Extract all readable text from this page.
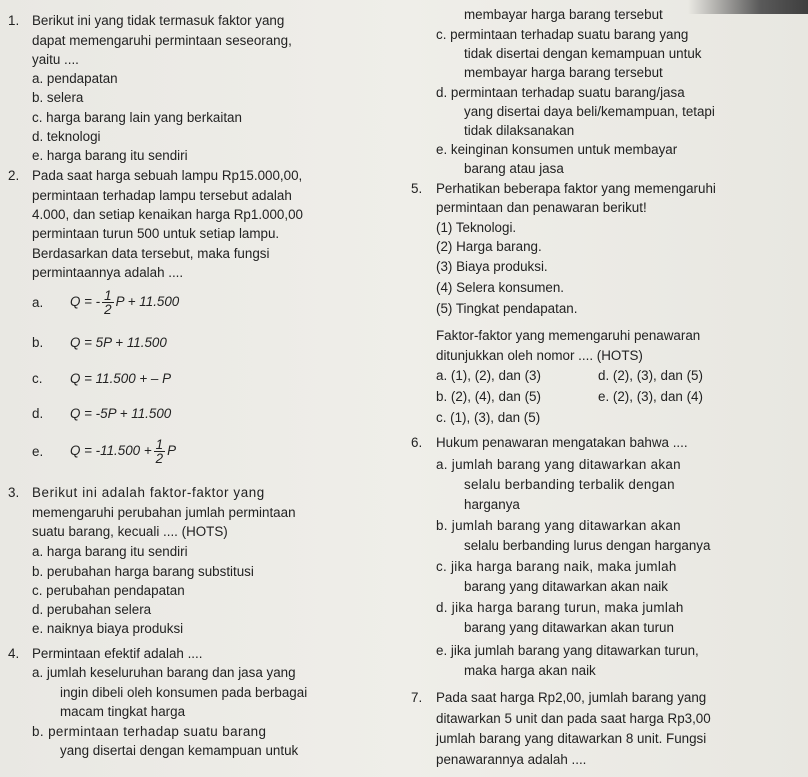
1. Berikut ini yang tidak termasuk faktor yang
dapat memengaruhi permintaan seseorang,
yaitu ....
a. pendapatan
b. selera
c. harga barang lain yang berkaitan
d. teknologi
e. harga barang itu sendiri
2. Pada saat harga sebuah lampu Rp15.000,00,
permintaan terhadap lampu tersebut adalah
4.000, dan setiap kenaikan harga Rp1.000,00
permintaan turun 500 untuk setiap lampu.
Berdasarkan data tersebut, maka fungsi
permintaannya adalah ....
a. Q = - $\frac{1}{2}$ P + 11.500
b. Q = 5P + 11.500
c. Q = 11.500 + – P
d. Q = -5P + 11.500
e. $Q = -11.500 + \frac{1}{2}$ P
3. Berikut ini adalah faktor-faktor yang
memengaruhi perubahan jumlah permintaan
suatu barang, kecuali .... (HOTS)
a. harga barang itu sendiri
b. perubahan harga barang substitusi
c. perubahan pendapatan
d. perubahan selera
e. naiknya biaya produksi
4. Permintaan efektif adalah ....
a. jumlah keseluruhan barang dan jasa yang
ingin dibeli oleh konsumen pada berbagai
macam tingkat harga
b. permintaan terhadap suatu barang
yang disertai dengan kemampuan untuk
membayar harga barang tersebut
c. permintaan terhadap suatu barang yang
tidak disertai dengan kemampuan untuk
membayar harga barang tersebut
d. permintaan terhadap suatu barang/jasa
yang disertai daya beli/kemampuan, tetapi
tidak dilaksanakan
e. keinginan konsumen untuk membayar
barang atau jasa
5. Perhatikan beberapa faktor yang memengaruhi
permintaan dan penawaran berikut!
(1) Teknologi.
(2) Harga barang.
(3) Biaya produksi.
(4) Selera konsumen.
(5) Tingkat pendapatan.
Faktor-faktor yang memengaruhi penawaran
ditunjukkan oleh nomor .... (HOTS)
a. (1), (2), dan (3)	d. (2), (3), dan (5)
b. (2), (4), dan (5)	e. (2), (3), dan (4)
c. (1), (3), dan (5)
6. Hukum penawaran mengatakan bahwa ....
a. jumlah barang yang ditawarkan akan
selalu berbanding terbalik dengan
harganya
b. jumlah barang yang ditawarkan akan
selalu berbanding lurus dengan harganya
c. jika harga barang naik, maka jumlah
barang yang ditawarkan akan naik
d. jika harga barang turun, maka jumlah
barang yang ditawarkan akan turun
e. jika jumlah barang yang ditawarkan turun,
maka harga akan naik
7. Pada saat harga Rp2,00, jumlah barang yang
ditawarkan 5 unit dan pada saat harga Rp3,00
jumlah barang yang ditawarkan 8 unit. Fungsi
penawarannya adalah ....
